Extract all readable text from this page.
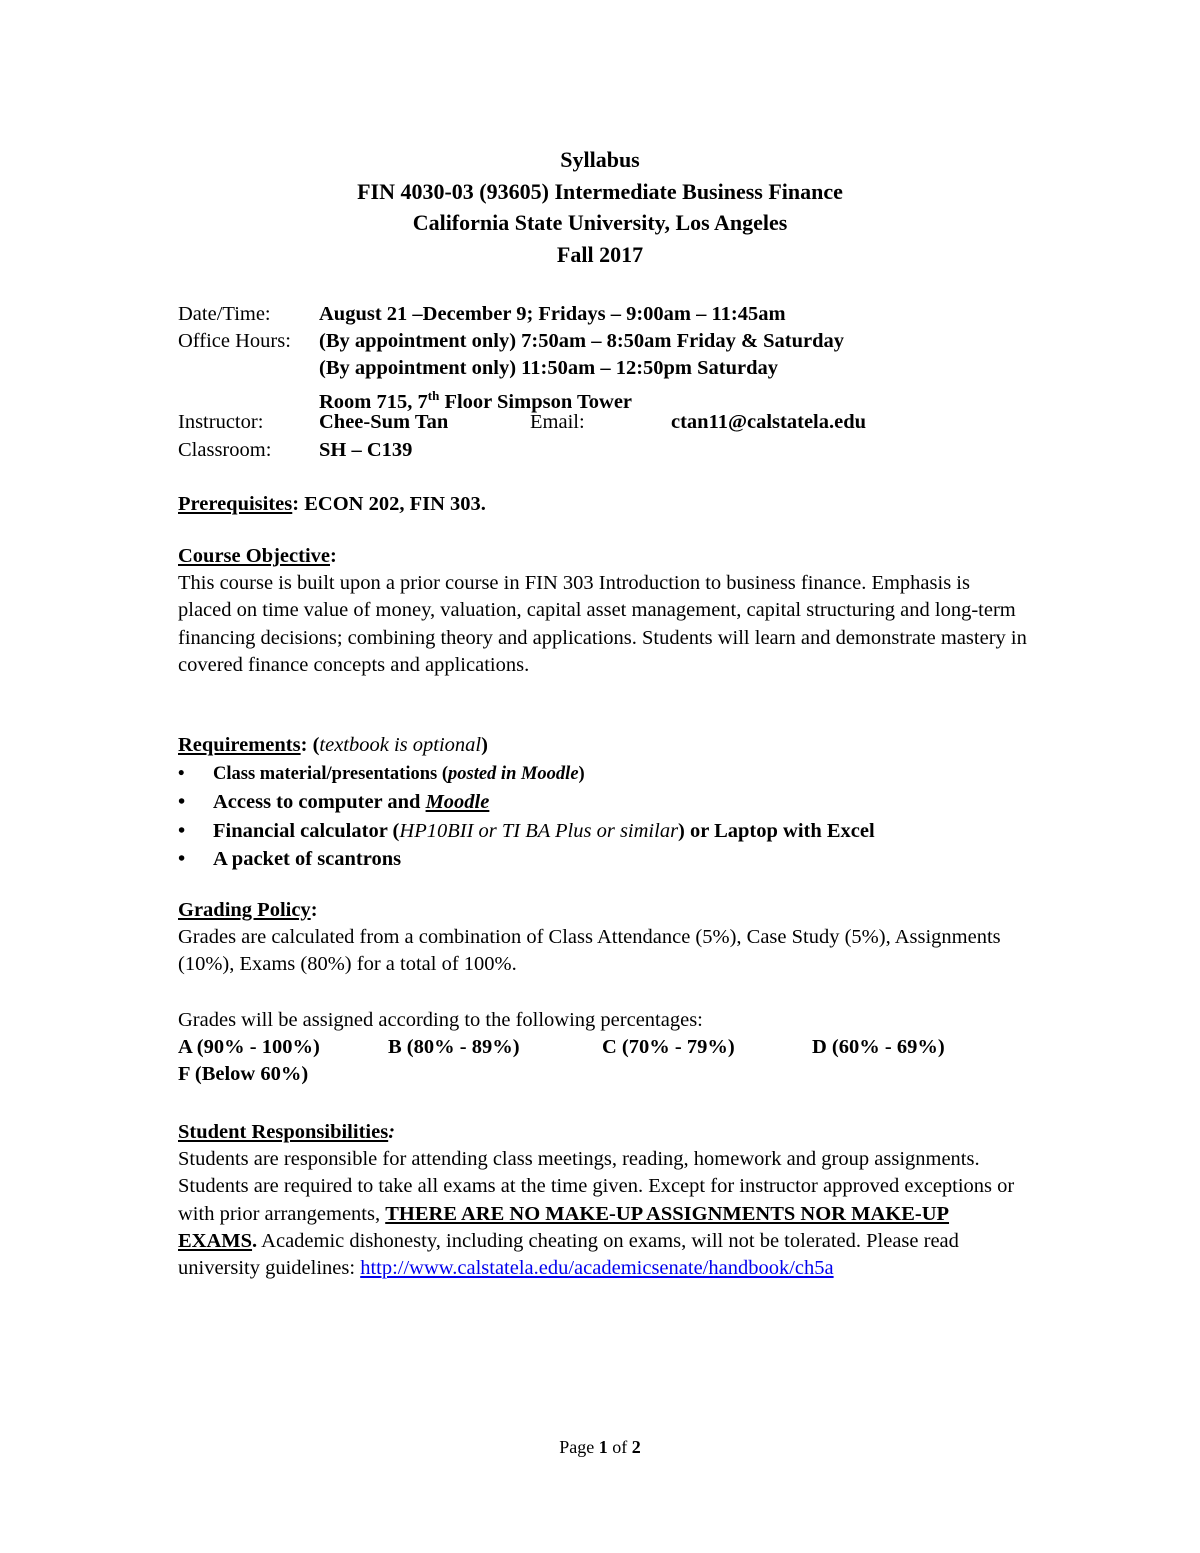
Syllabus
FIN 4030-03 (93605) Intermediate Business Finance
California State University, Los Angeles
Fall 2017
Date/Time: August 21 –December 9; Fridays – 9:00am – 11:45am
Office Hours: (By appointment only) 7:50am – 8:50am Friday & Saturday
(By appointment only) 11:50am – 12:50pm Saturday
Room 715, 7th Floor Simpson Tower
Instructor:	Chee-Sum Tan	Email:	ctan11@calstatela.edu
Classroom: SH – C139
Prerequisites: ECON 202, FIN 303.

Course Objective:

This course is built upon a prior course in FIN 303 Introduction to business finance. Emphasis is placed on time value of money, valuation, capital asset management, capital structuring and long-term financing decisions; combining theory and applications. Students will learn and demonstrate mastery in covered finance concepts and applications.

Requirements: (textbook is optional)
• Class material/presentations (posted in Moodle)
• Access to computer and Moodle
• Financial calculator (HP10BII or TI BA Plus or similar) or Laptop with Excel
• A packet of scantrons

Grading Policy:

Grades are calculated from a combination of Class Attendance (5%), Case Study (5%), Assignments (10%), Exams (80%) for a total of 100%.

Grades will be assigned according to the following percentages:
A (90% - 100%)	B (80% - 89%)	C (70% - 79%)	D (60% - 69%)
F (Below 60%)

Student Responsibilities:

Students are responsible for attending class meetings, reading, homework and group assignments. Students are required to take all exams at the time given. Except for instructor approved exceptions or with prior arrangements, THERE ARE NO MAKE-UP ASSIGNMENTS NOR MAKE-UP EXAMS. Academic dishonesty, including cheating on exams, will not be tolerated. Please read university guidelines: http://www.calstatela.edu/academicsenate/handbook/ch5a

Page 1 of 2
